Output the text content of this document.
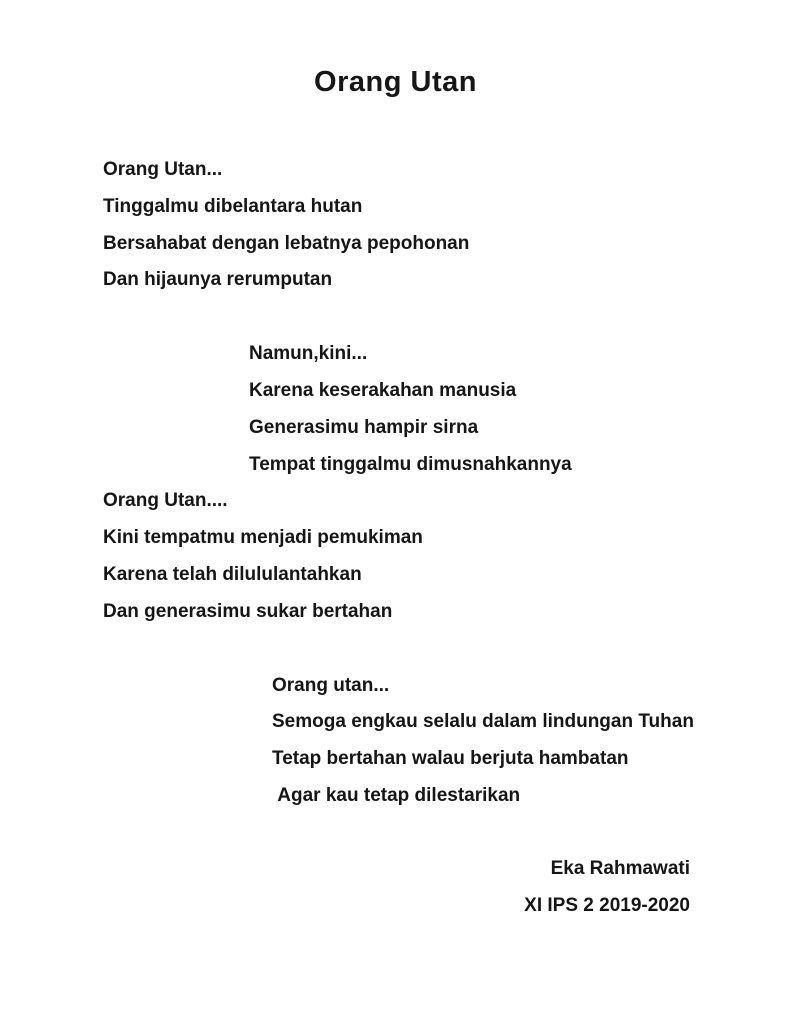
Orang Utan
Orang Utan...
Tinggalmu dibelantara hutan
Bersahabat dengan lebatnya pepohonan
Dan hijaunya rerumputan
Namun,kini...
Karena keserakahan manusia
Generasimu hampir sirna
Tempat tinggalmu dimusnahkannya
Orang Utan....
Kini tempatmu menjadi pemukiman
Karena telah dilululantahkan
Dan generasimu sukar bertahan
Orang utan...
Semoga engkau selalu dalam lindungan Tuhan
Tetap bertahan walau berjuta hambatan
Agar kau tetap dilestarikan
Eka Rahmawati
XI IPS 2 2019-2020
